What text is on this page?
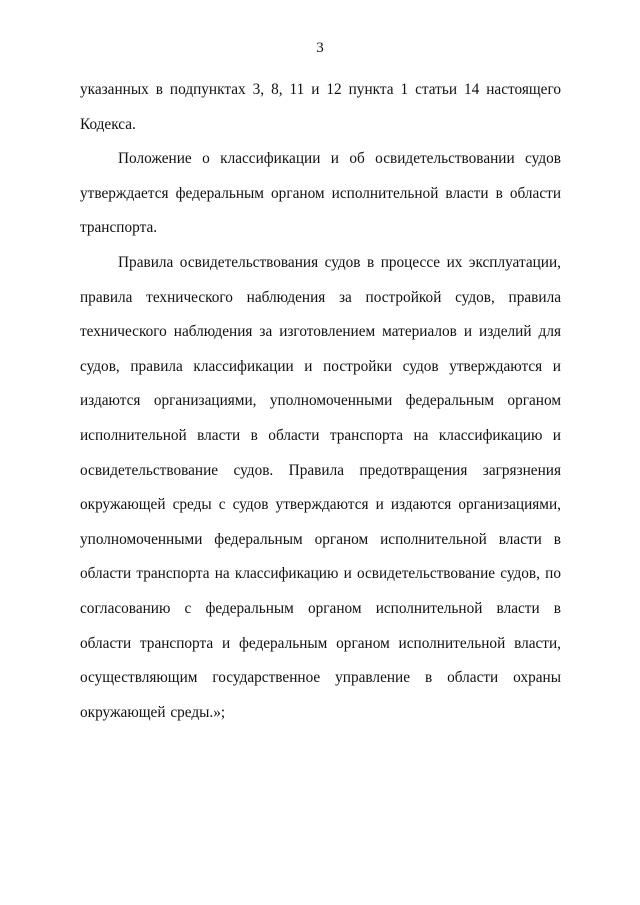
3

указанных в подпунктах 3, 8, 11 и 12 пункта 1 статьи 14 настоящего Кодекса.

Положение о классификации и об освидетельствовании судов утверждается федеральным органом исполнительной власти в области транспорта.

Правила освидетельствования судов в процессе их эксплуатации, правила технического наблюдения за постройкой судов, правила технического наблюдения за изготовлением материалов и изделий для судов, правила классификации и постройки судов утверждаются и издаются организациями, уполномоченными федеральным органом исполнительной власти в области транспорта на классификацию и освидетельствование судов. Правила предотвращения загрязнения окружающей среды с судов утверждаются и издаются организациями, уполномоченными федеральным органом исполнительной власти в области транспорта на классификацию и освидетельствование судов, по согласованию с федеральным органом исполнительной власти в области транспорта и федеральным органом исполнительной власти, осуществляющим государственное управление в области охраны окружающей среды.»;
